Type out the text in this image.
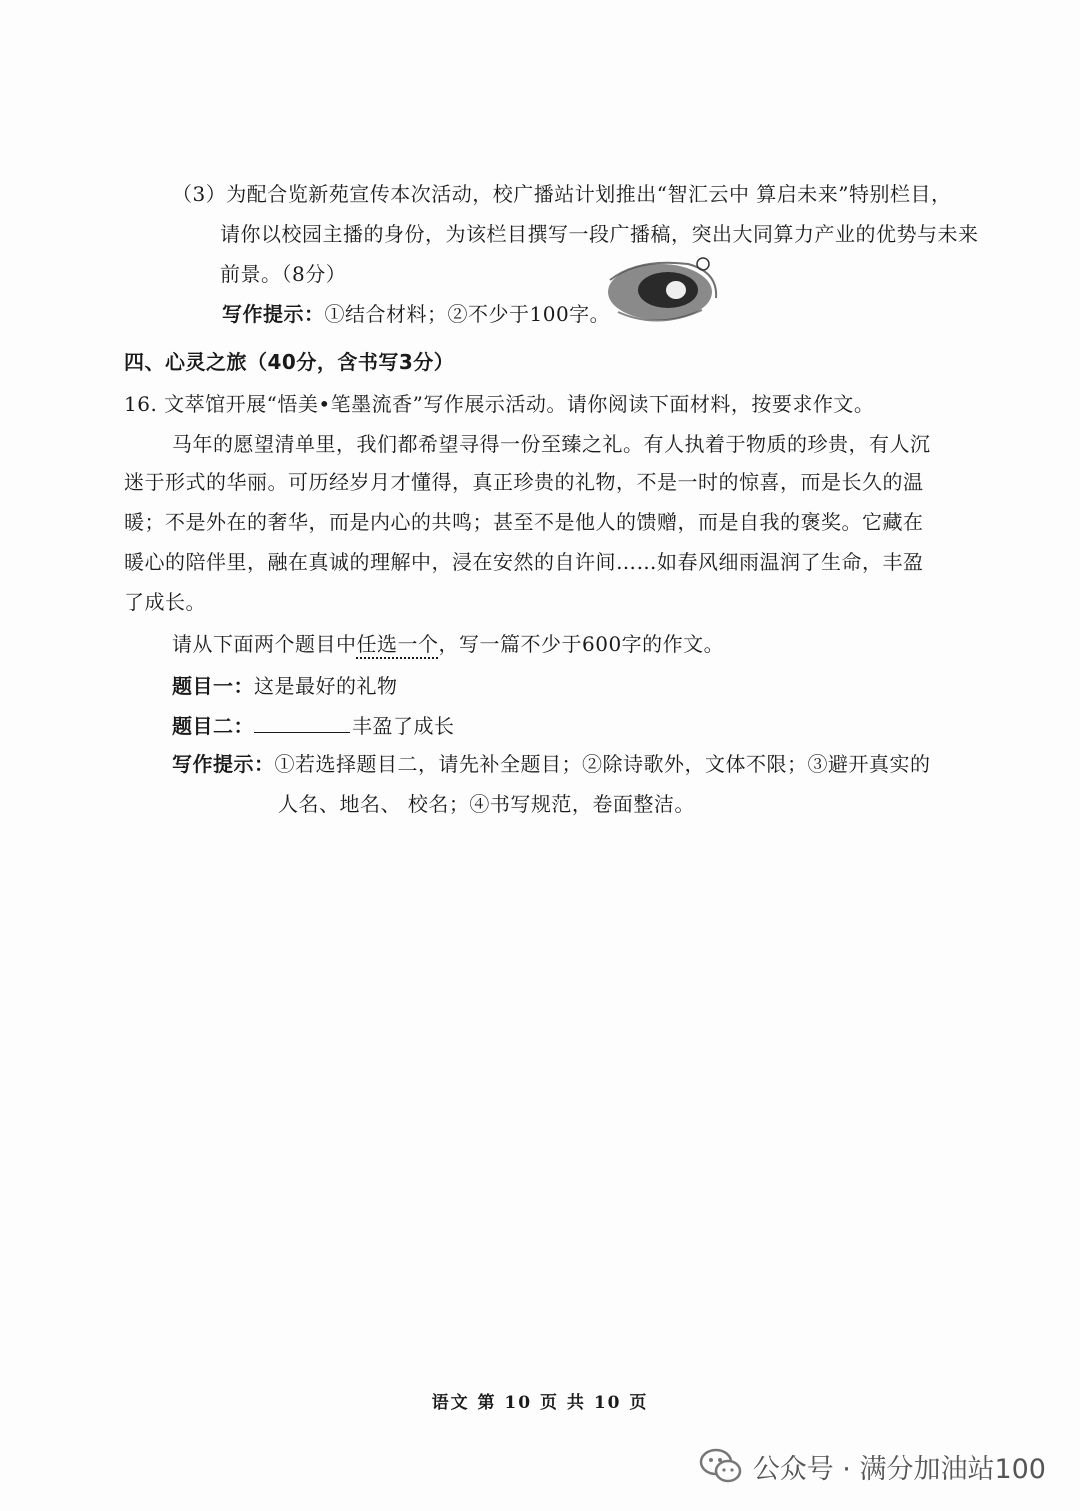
（3）为配合览新苑宣传本次活动，校广播站计划推出“智汇云中 算启未来”特别栏目，
请你以校园主播的身份，为该栏目撰写一段广播稿，突出大同算力产业的优势与未来
前景。（8分）
写作提示：①结合材料；②不少于100字。
四、心灵之旅（40分，含书写3分）
16. 文萃馆开展“悟美•笔墨流香”写作展示活动。请你阅读下面材料，按要求作文。
马年的愿望清单里，我们都希望寻得一份至臻之礼。有人执着于物质的珍贵，有人沉
迷于形式的华丽。可历经岁月才懂得，真正珍贵的礼物，不是一时的惊喜，而是长久的温
暖；不是外在的奢华，而是内心的共鸣；甚至不是他人的馈赠，而是自我的褒奖。它藏在
暖心的陪伴里，融在真诚的理解中，浸在安然的自许间……如春风细雨温润了生命，丰盈
了成长。
请从下面两个题目中任选一个，写一篇不少于600字的作文。
题目一：这是最好的礼物
题目二：	丰盈了成长
写作提示：①若选择题目二，请先补全题目；②除诗歌外，文体不限；③避开真实的
人名、地名、 校名；④书写规范，卷面整洁。
语文 第 10 页 共 10 页
公众号 · 满分加油站100
